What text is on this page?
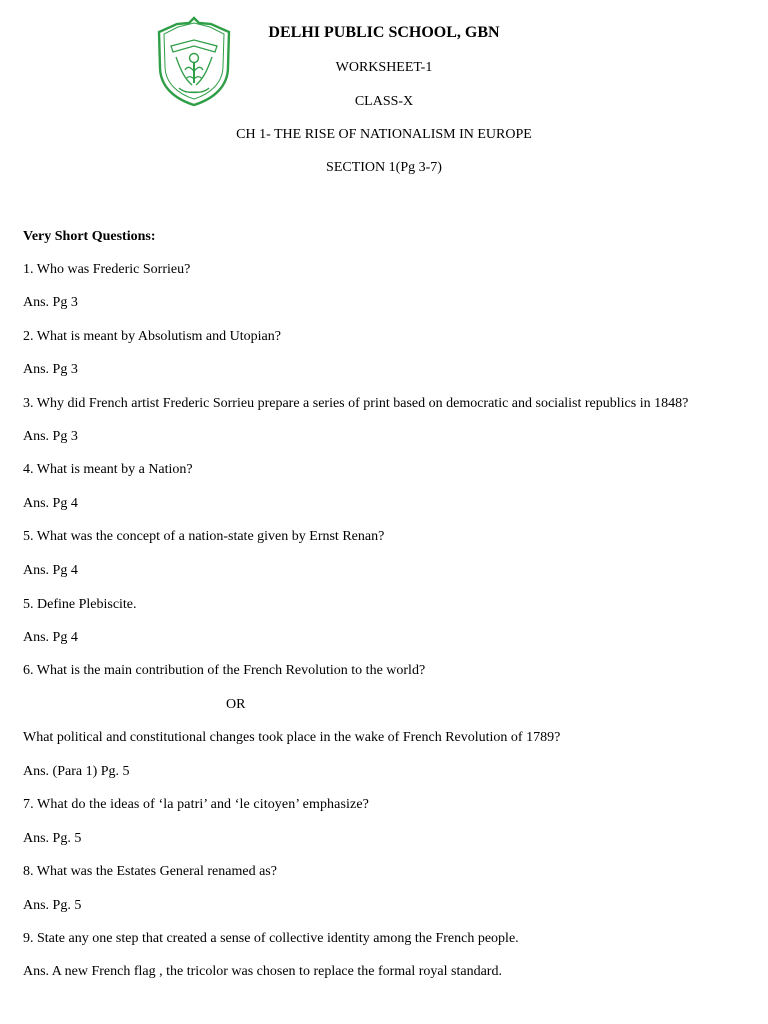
DELHI PUBLIC SCHOOL, GBN
WORKSHEET-1
CLASS-X
CH 1- THE RISE OF NATIONALISM IN EUROPE
SECTION 1(Pg 3-7)
Very Short Questions:
1. Who was Frederic Sorrieu?
Ans. Pg 3
2. What is meant by Absolutism and Utopian?
Ans. Pg 3
3. Why did French artist Frederic Sorrieu prepare a series of print based on democratic and socialist republics in 1848?
Ans. Pg 3
4. What is meant by a Nation?
Ans. Pg 4
5. What was the concept of a nation-state given by Ernst Renan?
Ans. Pg 4
5. Define Plebiscite.
Ans. Pg 4
6. What is the main contribution of the French Revolution to the world?
OR
What political and constitutional changes took place in the wake of French Revolution of 1789?
Ans. (Para 1) Pg. 5
7. What do the ideas of ‘la patri’ and ‘le citoyen’ emphasize?
Ans. Pg. 5
8. What was the Estates General renamed as?
Ans. Pg. 5
9. State any one step that created a sense of collective identity among the French people.
Ans. A new French flag , the tricolor was chosen to replace the formal royal standard.
